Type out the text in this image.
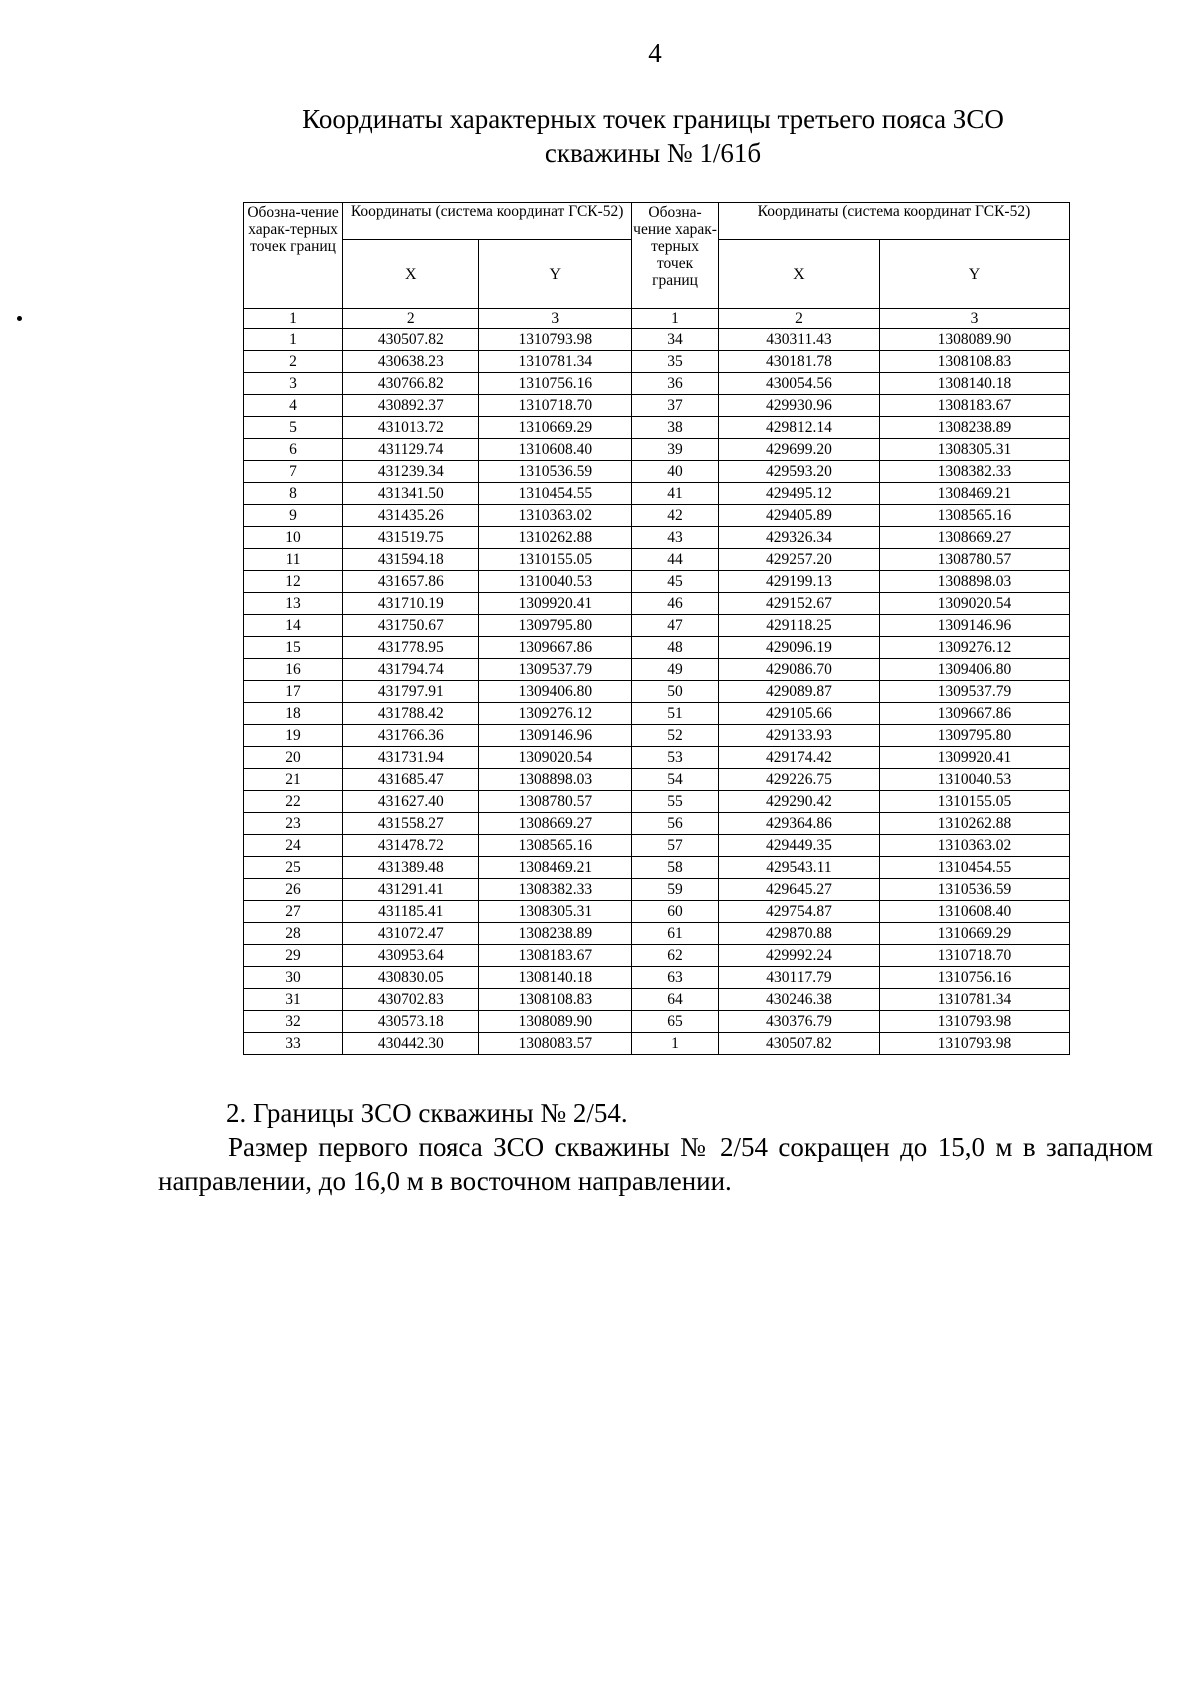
4
Координаты характерных точек границы третьего пояса ЗСО
скважины № 1/61б
Обозна-чение харак-терных точек границ	Координаты (система координат ГСК-52)		Обозна-чение харак-терных точек границ	Координаты (система координат ГСК-52)	
	X	Y		X	Y
1	2	3	1	2	3
1	430507.82	1310793.98	34	430311.43	1308089.90
2	430638.23	1310781.34	35	430181.78	1308108.83
3	430766.82	1310756.16	36	430054.56	1308140.18
4	430892.37	1310718.70	37	429930.96	1308183.67
5	431013.72	1310669.29	38	429812.14	1308238.89
6	431129.74	1310608.40	39	429699.20	1308305.31
7	431239.34	1310536.59	40	429593.20	1308382.33
8	431341.50	1310454.55	41	429495.12	1308469.21
9	431435.26	1310363.02	42	429405.89	1308565.16
10	431519.75	1310262.88	43	429326.34	1308669.27
11	431594.18	1310155.05	44	429257.20	1308780.57
12	431657.86	1310040.53	45	429199.13	1308898.03
13	431710.19	1309920.41	46	429152.67	1309020.54
14	431750.67	1309795.80	47	429118.25	1309146.96
15	431778.95	1309667.86	48	429096.19	1309276.12
16	431794.74	1309537.79	49	429086.70	1309406.80
17	431797.91	1309406.80	50	429089.87	1309537.79
18	431788.42	1309276.12	51	429105.66	1309667.86
19	431766.36	1309146.96	52	429133.93	1309795.80
20	431731.94	1309020.54	53	429174.42	1309920.41
21	431685.47	1308898.03	54	429226.75	1310040.53
22	431627.40	1308780.57	55	429290.42	1310155.05
23	431558.27	1308669.27	56	429364.86	1310262.88
24	431478.72	1308565.16	57	429449.35	1310363.02
25	431389.48	1308469.21	58	429543.11	1310454.55
26	431291.41	1308382.33	59	429645.27	1310536.59
27	431185.41	1308305.31	60	429754.87	1310608.40
28	431072.47	1308238.89	61	429870.88	1310669.29
29	430953.64	1308183.67	62	429992.24	1310718.70
30	430830.05	1308140.18	63	430117.79	1310756.16
31	430702.83	1308108.83	64	430246.38	1310781.34
32	430573.18	1308089.90	65	430376.79	1310793.98
33	430442.30	1308083.57	1	430507.82	1310793.98
2. Границы ЗСО скважины № 2/54.
Размер первого пояса ЗСО скважины № 2/54 сокращен до 15,0 м в западном направлении, до 16,0 м в восточном направлении.
